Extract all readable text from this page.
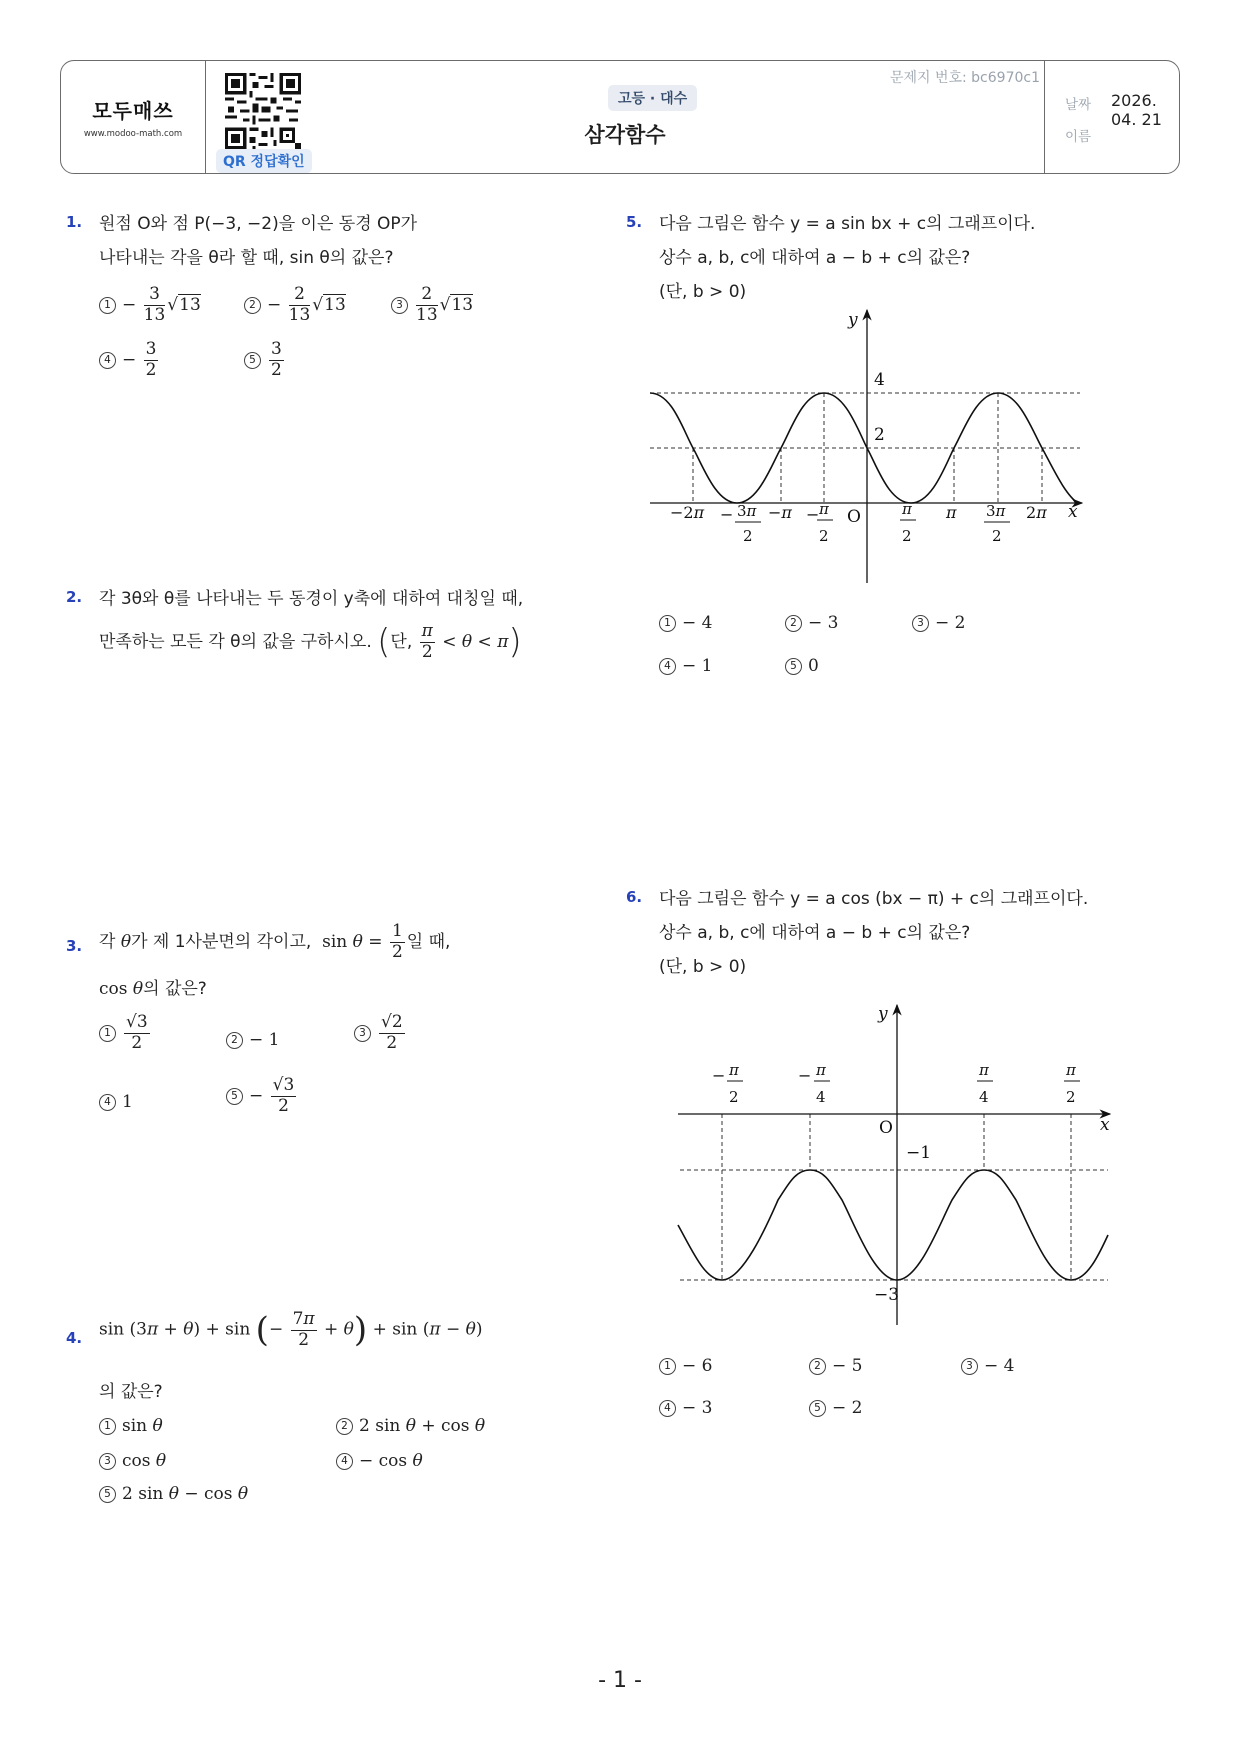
모두매쓰
www.modoo-math.com
QR 정답확인
고등 · 대수
삼각함수
문제지 번호: bc6970c1
날짜 2026. 04. 21
이름
1. 원점 O와 점 P(−3, −2)을 이은 동경 OP가
나타내는 각을 θ라 할 때, sin θ의 값은?
$1 - \frac{3}{13} √13$	$2 - \frac{2}{13} √13$	$3 \frac{2}{13} √13$
$4 - \frac{3}{2}$	$5 \frac{3}{2}$
2. 각 3θ와 θ를 나타내는 두 동경이 y축에 대하여 대칭일 때,
만족하는 모든 각 θ의 값을 구하시오. (단, $\frac{\pi}{2} < \theta < \pi$)
3. 각 θ가 제 1사분면의 각이고,  $\sin \theta = \frac{1}{2}$ 일 때,
cos θ의 값은?
$1 \frac{√3}{2}$	2 − 1	$3 \frac{√2}{2}$
4 1	$5 - \frac{√3}{2}$
4. sin (3π + θ) + sin (− $\frac{7\pi}{2} + \theta) + \sin (\pi - \theta)$
의 값은?
1 sin θ	2 2 sin θ + cos θ
3 cos θ	4 − cos θ
5 2 sin θ − cos θ
5. 다음 그림은 함수 y = a sin bx + c의 그래프이다.
상수 a, b, c에 대하여 a − b + c의 값은?
(단, b > 0)
y
x
O
4
2
−2π − 3π
2
−π − π
2
π
2
π 3π
2
2π
1 − 4	2 − 3	3 − 2
4 − 1	5 0
6. 다음 그림은 함수 y = a cos (bx − π) + c의 그래프이다.
상수 a, b, c에 대하여 a − b + c의 값은?
(단, b > 0)
y
x
O
−1
−3
− π
2
− π
4
π
4
π
2
1 − 6	2 − 5	3 − 4
4 − 3	5 − 2
- 1 -
